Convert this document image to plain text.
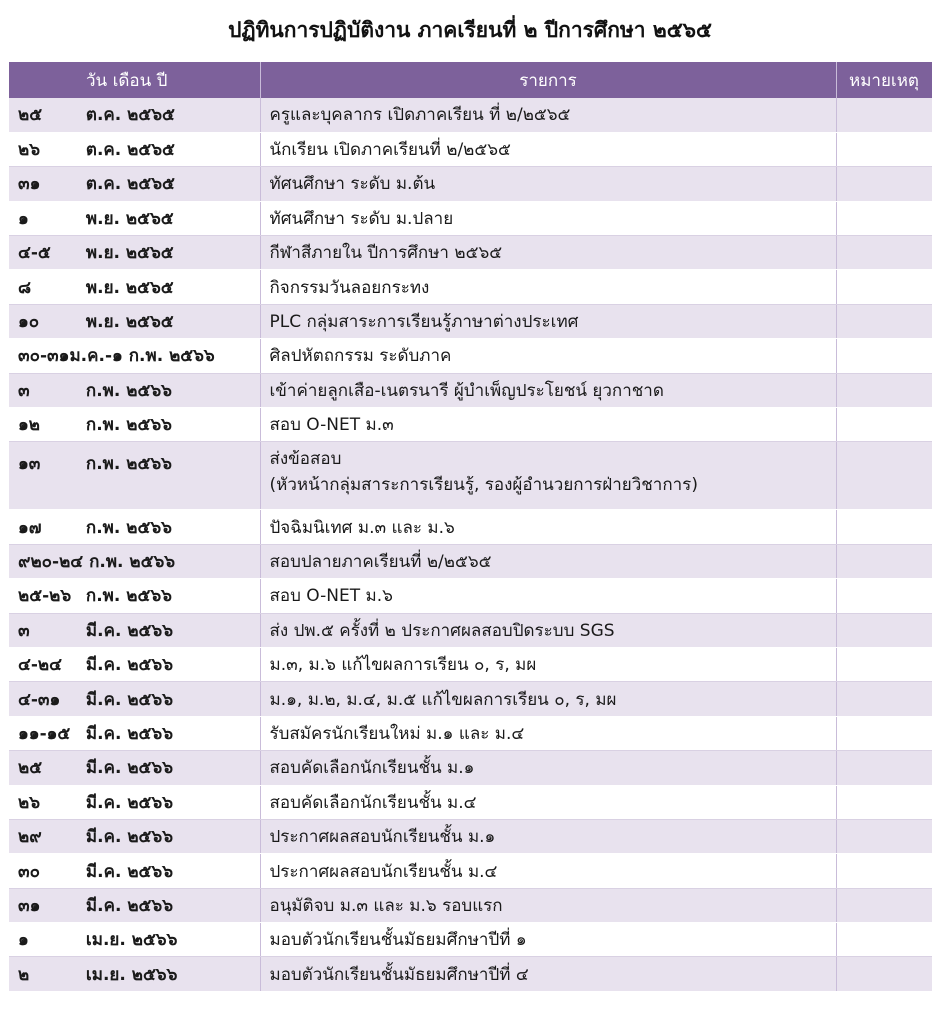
ปฏิทินการปฏิบัติงาน ภาคเรียนที่ ๒ ปีการศึกษา ๒๕๖๕
วัน เดือน ปี	รายการ	หมายเหตุ
๒๕ ต.ค. ๒๕๖๕	ครูและบุคลากร เปิดภาคเรียน ที่ ๒/๒๕๖๕	
๒๖ ต.ค. ๒๕๖๕	นักเรียน เปิดภาคเรียนที่ ๒/๒๕๖๕	
๓๑ ต.ค. ๒๕๖๕	ทัศนศึกษา ระดับ ม.ต้น	
๑ พ.ย. ๒๕๖๕	ทัศนศึกษา ระดับ ม.ปลาย	
๔-๕ พ.ย. ๒๕๖๕	กีฬาสีภายใน ปีการศึกษา ๒๕๖๕	
๘ พ.ย. ๒๕๖๕	กิจกรรมวันลอยกระทง	
๑๐ พ.ย. ๒๕๖๕	PLC กลุ่มสาระการเรียนรู้ภาษาต่างประเทศ	
๓๐-๓๑ม.ค.-๑ ก.พ. ๒๕๖๖	ศิลปหัตถกรรม ระดับภาค	
๓ ก.พ. ๒๕๖๖	เข้าค่ายลูกเสือ-เนตรนารี ผู้บำเพ็ญประโยชน์ ยุวกาชาด	
๑๒ ก.พ. ๒๕๖๖	สอบ O-NET ม.๓	
๑๓ ก.พ. ๒๕๖๖	ส่งข้อสอบ
(หัวหน้ากลุ่มสาระการเรียนรู้, รองผู้อำนวยการฝ่ายวิชาการ)	

๑๗ ก.พ. ๒๕๖๖	ปัจฉิมนิเทศ ม.๓ และ ม.๖	
๙๒๐-๒๔ ก.พ. ๒๕๖๖	สอบปลายภาคเรียนที่ ๒/๒๕๖๕	
๒๕-๒๖ ก.พ. ๒๕๖๖	สอบ O-NET ม.๖	
๓ มี.ค. ๒๕๖๖	ส่ง ปพ.๕ ครั้งที่ ๒ ประกาศผลสอบปิดระบบ SGS	
๔-๒๔ มี.ค. ๒๕๖๖	ม.๓, ม.๖ แก้ไขผลการเรียน ๐, ร, มผ	
๔-๓๑ มี.ค. ๒๕๖๖	ม.๑, ม.๒, ม.๔, ม.๕ แก้ไขผลการเรียน ๐, ร, มผ	
๑๑-๑๕ มี.ค. ๒๕๖๖	รับสมัครนักเรียนใหม่ ม.๑ และ ม.๔	
๒๕ มี.ค. ๒๕๖๖	สอบคัดเลือกนักเรียนชั้น ม.๑	
๒๖ มี.ค. ๒๕๖๖	สอบคัดเลือกนักเรียนชั้น ม.๔	
๒๙ มี.ค. ๒๕๖๖	ประกาศผลสอบนักเรียนชั้น ม.๑	
๓๐ มี.ค. ๒๕๖๖	ประกาศผลสอบนักเรียนชั้น ม.๔	
๓๑ มี.ค. ๒๕๖๖	อนุมัติจบ ม.๓ และ ม.๖ รอบแรก	
๑ เม.ย. ๒๕๖๖	มอบตัวนักเรียนชั้นมัธยมศึกษาปีที่ ๑	
๒ เม.ย. ๒๕๖๖	มอบตัวนักเรียนชั้นมัธยมศึกษาปีที่ ๔	
